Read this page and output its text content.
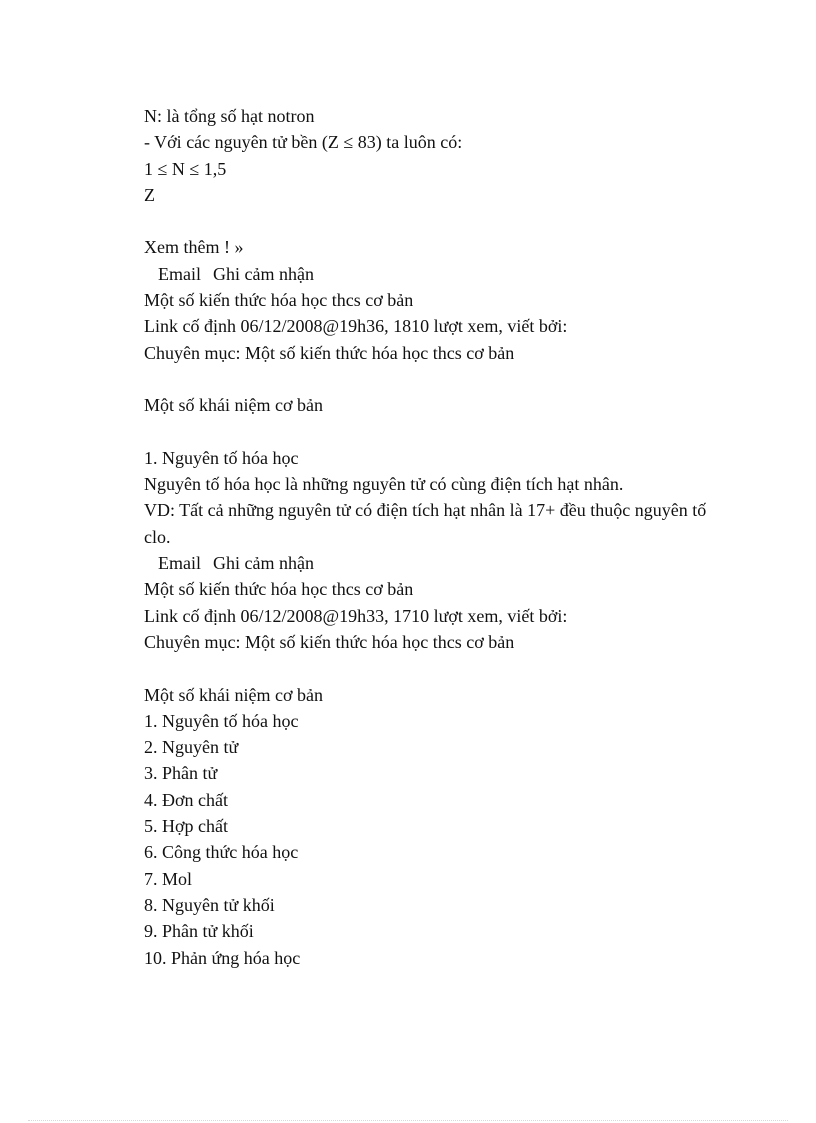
N: là tổng số hạt notron
- Với các nguyên tử bền (Z ≤ 83) ta luôn có:
1 ≤ N ≤ 1,5
Z
Xem thêm ! »
Email Ghi cảm nhận
Một số kiến thức hóa học thcs cơ bản
Link cố định 06/12/2008@19h36, 1810 lượt xem, viết bởi:
Chuyên mục: Một số kiến thức hóa học thcs cơ bản
Một số khái niệm cơ bản
1. Nguyên tố hóa học
Nguyên tố hóa học là những nguyên tử có cùng điện tích hạt nhân.
VD: Tất cả những nguyên tử có điện tích hạt nhân là 17+ đều thuộc nguyên tố clo.
Email Ghi cảm nhận
Một số kiến thức hóa học thcs cơ bản
Link cố định 06/12/2008@19h33, 1710 lượt xem, viết bởi:
Chuyên mục: Một số kiến thức hóa học thcs cơ bản
Một số khái niệm cơ bản
1. Nguyên tố hóa học
2. Nguyên tử
3. Phân tử
4. Đơn chất
5. Hợp chất
6. Công thức hóa học
7. Mol
8. Nguyên tử khối
9. Phân tử khối
10. Phản ứng hóa học
